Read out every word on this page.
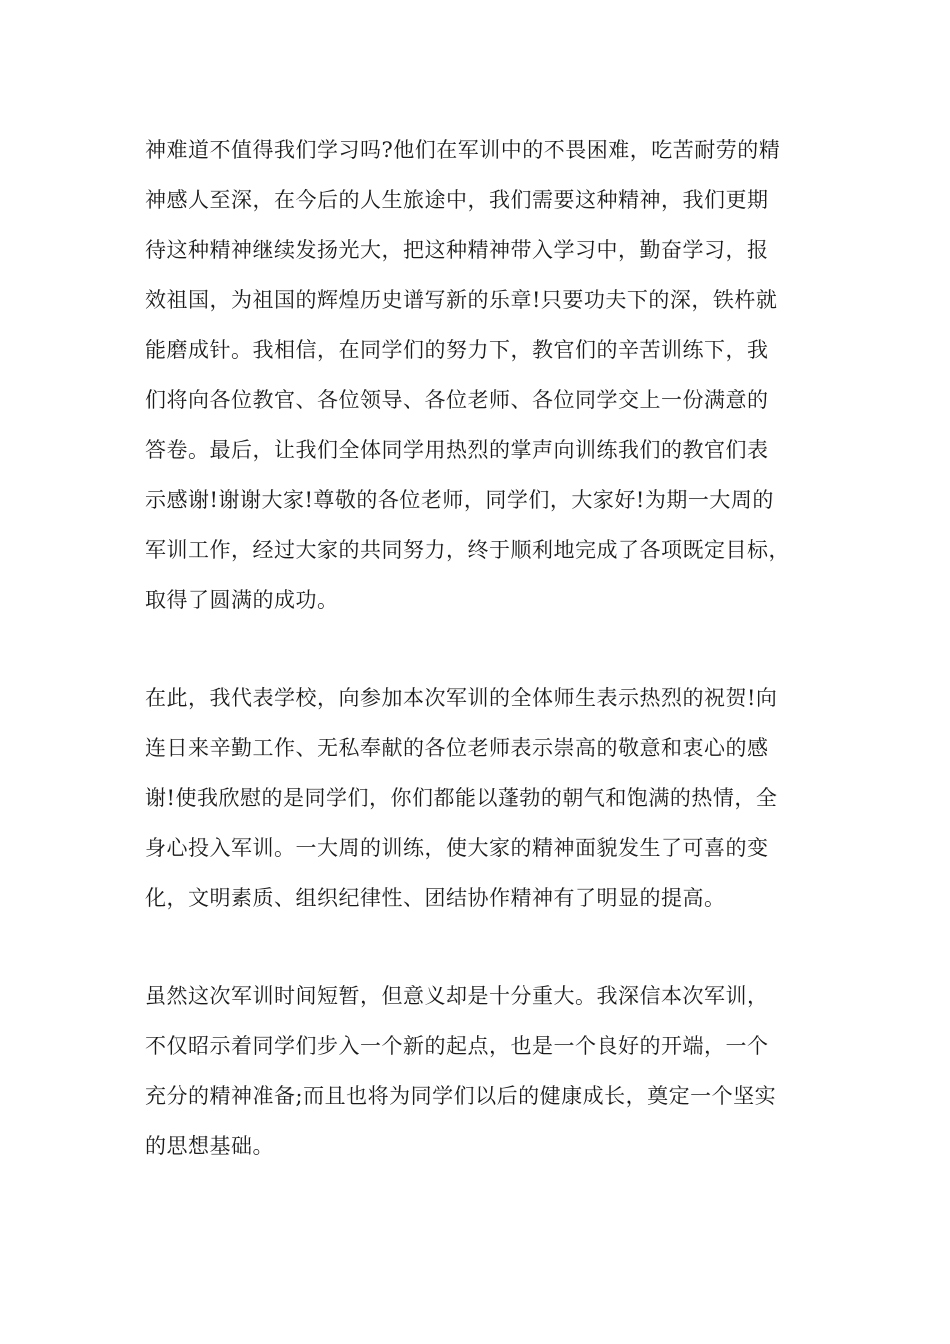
神难道不值得我们学习吗?他们在军训中的不畏困难，吃苦耐劳的精
神感人至深，在今后的人生旅途中，我们需要这种精神，我们更期
待这种精神继续发扬光大，把这种精神带入学习中，勤奋学习，报
效祖国，为祖国的辉煌历史谱写新的乐章!只要功夫下的深，铁杵就
能磨成针。我相信，在同学们的努力下，教官们的辛苦训练下，我
们将向各位教官、各位领导、各位老师、各位同学交上一份满意的
答卷。最后，让我们全体同学用热烈的掌声向训练我们的教官们表
示感谢!谢谢大家!尊敬的各位老师，同学们，大家好!为期一大周的
军训工作，经过大家的共同努力，终于顺利地完成了各项既定目标，
取得了圆满的成功。
在此，我代表学校，向参加本次军训的全体师生表示热烈的祝贺!向
连日来辛勤工作、无私奉献的各位老师表示崇高的敬意和衷心的感
谢!使我欣慰的是同学们，你们都能以蓬勃的朝气和饱满的热情，全
身心投入军训。一大周的训练，使大家的精神面貌发生了可喜的变
化，文明素质、组织纪律性、团结协作精神有了明显的提高。
虽然这次军训时间短暂，但意义却是十分重大。我深信本次军训，
不仅昭示着同学们步入一个新的起点，也是一个良好的开端，一个
充分的精神准备;而且也将为同学们以后的健康成长，奠定一个坚实
的思想基础。
